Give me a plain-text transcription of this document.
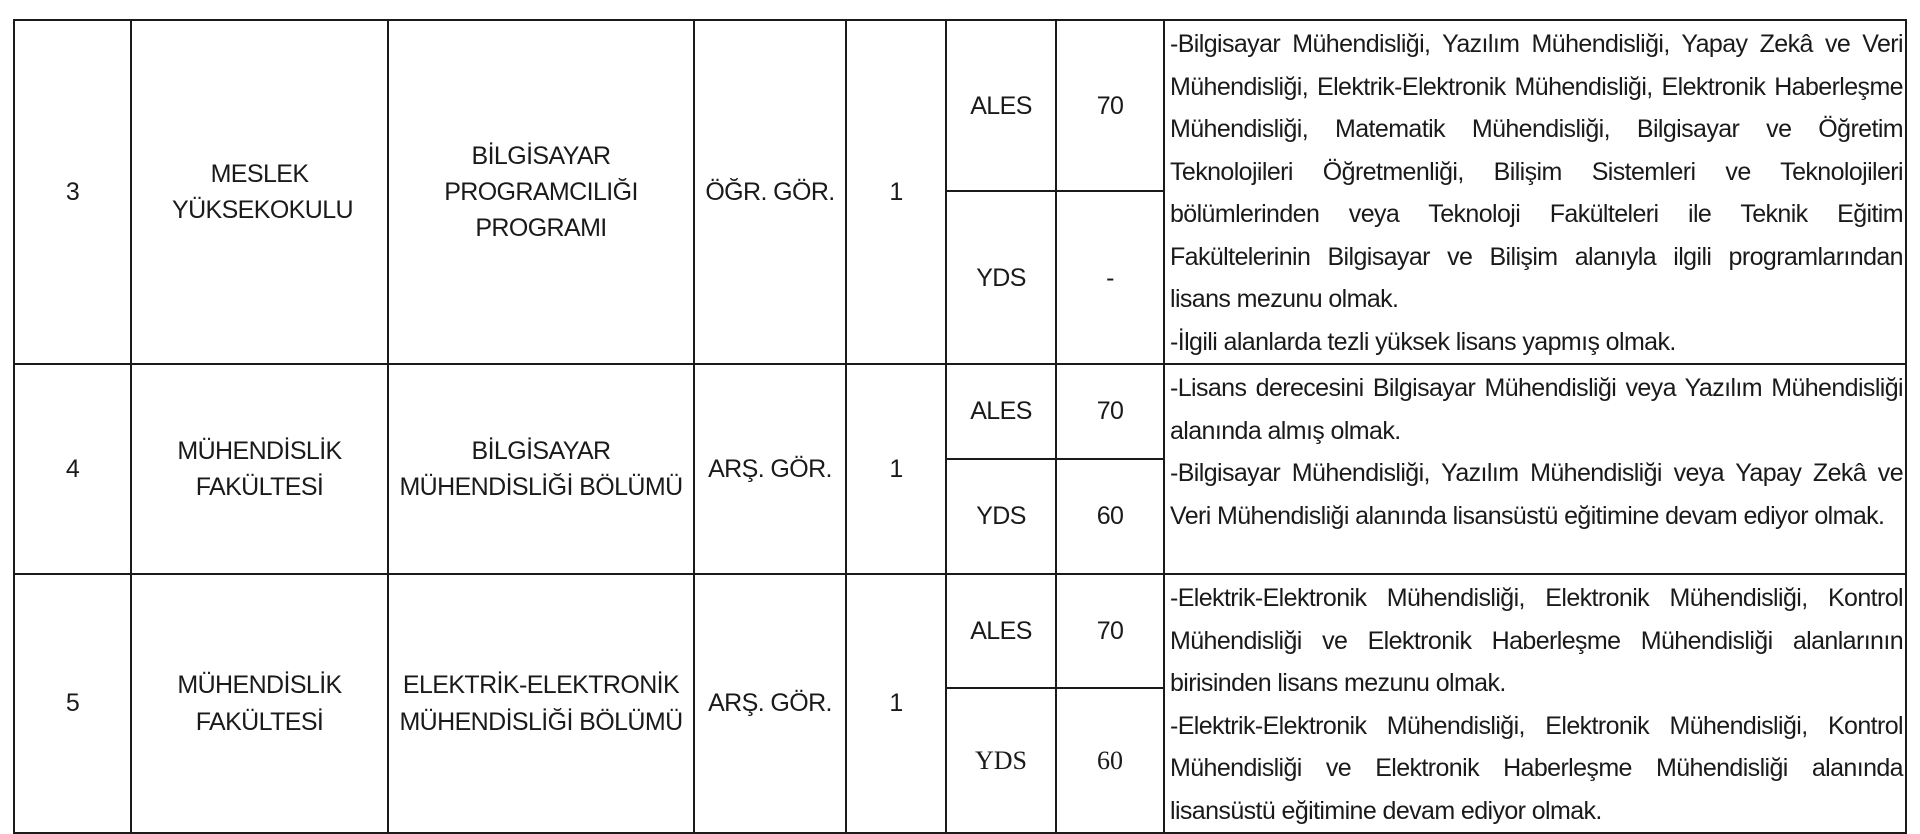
3	MESLEK YÜKSEKOKULU	BİLGİSAYAR PROGRAMCILIĞI PROGRAMI	ÖĞR. GÖR.	1	ALES	70	-Bilgisayar Mühendisliği, Yazılım Mühendisliği, Yapay Zekâ ve Veri Mühendisliği, Elektrik-Elektronik Mühendisliği, Elektronik Haberleşme Mühendisliği, Matematik Mühendisliği, Bilgisayar ve Öğretim Teknolojileri Öğretmenliği, Bilişim Sistemleri ve Teknolojileri bölümlerinden veya Teknoloji Fakülteleri ile Teknik Eğitim Fakültelerinin Bilgisayar ve Bilişim alanıyla ilgili programlarından lisans mezunu olmak.

-İlgili alanlarda tezli yüksek lisans yapmış olmak.

					YDS	-	
4	MÜHENDİSLİK FAKÜLTESİ	BİLGİSAYAR MÜHENDİSLİĞİ BÖLÜMÜ	ARŞ. GÖR.	1	ALES	70	-Lisans derecesini Bilgisayar Mühendisliği veya Yazılım Mühendisliği alanında almış olmak.

-Bilgisayar Mühendisliği, Yazılım Mühendisliği veya Yapay Zekâ ve Veri Mühendisliği alanında lisansüstü eğitimine devam ediyor olmak.

					YDS	60	
5	MÜHENDİSLİK FAKÜLTESİ	ELEKTRİK-ELEKTRONİK MÜHENDİSLİĞİ BÖLÜMÜ	ARŞ. GÖR.	1	ALES	70	-Elektrik-Elektronik Mühendisliği, Elektronik Mühendisliği, Kontrol Mühendisliği ve Elektronik Haberleşme Mühendisliği alanlarının birisinden lisans mezunu olmak.

-Elektrik-Elektronik Mühendisliği, Elektronik Mühendisliği, Kontrol Mühendisliği ve Elektronik Haberleşme Mühendisliği alanında lisansüstü eğitimine devam ediyor olmak.

					YDS	60	
